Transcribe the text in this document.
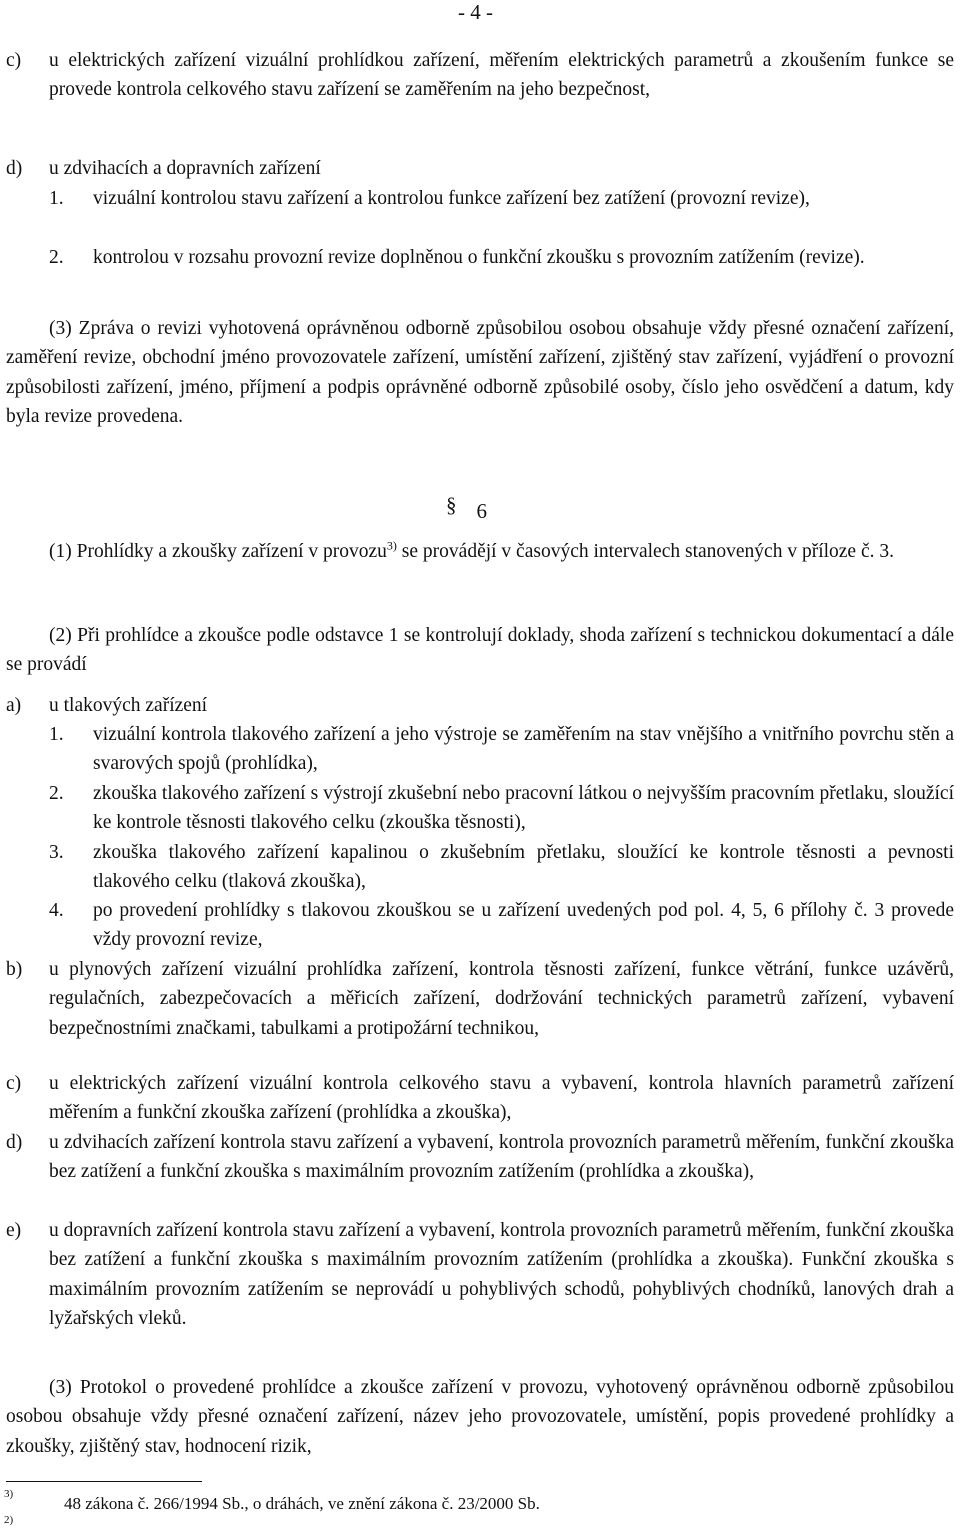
- 4 -
c)	u elektrických zařízení vizuální prohlídkou zařízení, měřením elektrických parametrů a zkoušením funkce se provede kontrola celkového stavu zařízení se zaměřením na jeho bezpečnost,
d)	u zdvihacích a dopravních zařízení
1.	vizuální kontrolou stavu zařízení a kontrolou funkce zařízení bez zatížení (provozní revize),
2.	kontrolou v rozsahu provozní revize doplněnou o funkční zkoušku s provozním zatížením (revize).

(3) Zpráva o revizi vyhotovená oprávněnou odborně způsobilou osobou obsahuje vždy přesné označení zařízení, zaměření revize, obchodní jméno provozovatele zařízení, umístění zařízení, zjištěný stav zařízení, vyjádření o provozní způsobilosti zařízení, jméno, příjmení a podpis oprávněné odborně způsobilé osoby, číslo jeho osvědčení a datum, kdy byla revize provedena.

§ 6

(1) Prohlídky a zkoušky zařízení v provozu$^{3)}$ se provádějí v časových intervalech stanovených v příloze č. 3.

(2) Při prohlídce a zkoušce podle odstavce 1 se kontrolují doklady, shoda zařízení s technickou dokumentací a dále se provádí

a)	u tlakových zařízení
1.	vizuální kontrola tlakového zařízení a jeho výstroje se zaměřením na stav vnějšího a vnitřního povrchu stěn a svarových spojů (prohlídka),
2.	zkouška tlakového zařízení s výstrojí zkušební nebo pracovní látkou o nejvyšším pracovním přetlaku, sloužící ke kontrole těsnosti tlakového celku (zkouška těsnosti),
3.	zkouška tlakového zařízení kapalinou o zkušebním přetlaku, sloužící ke kontrole těsnosti a pevnosti tlakového celku (tlaková zkouška),
4.	po provedení prohlídky s tlakovou zkouškou se u zařízení uvedených pod pol. 4, 5, 6 přílohy č. 3 provede vždy provozní revize,
b)	u plynových zařízení vizuální prohlídka zařízení, kontrola těsnosti zařízení, funkce větrání, funkce uzávěrů, regulačních, zabezpečovacích a měřicích zařízení, dodržování technických parametrů zařízení, vybavení bezpečnostními značkami, tabulkami a protipožární technikou,
c)	u elektrických zařízení vizuální kontrola celkového stavu a vybavení, kontrola hlavních parametrů zařízení měřením a funkční zkouška zařízení (prohlídka a zkouška),
d)	u zdvihacích zařízení kontrola stavu zařízení a vybavení, kontrola provozních parametrů měřením, funkční zkouška bez zatížení a funkční zkouška s maximálním provozním zatížením (prohlídka a zkouška),
e)	u dopravních zařízení kontrola stavu zařízení a vybavení, kontrola provozních parametrů měřením, funkční zkouška bez zatížení a funkční zkouška s maximálním provozním zatížením (prohlídka a zkouška). Funkční zkouška s maximálním provozním zatížením se neprovádí u pohyblivých schodů, pohyblivých chodníků, lanových drah a lyžařských vleků.

(3) Protokol o provedené prohlídce a zkoušce zařízení v provozu, vyhotovený oprávněnou odborně způsobilou osobou obsahuje vždy přesné označení zařízení, název jeho provozovatele, umístění, popis provedené prohlídky a zkoušky, zjištěný stav, hodnocení rizik,

3)	48 zákona č. 266/1994 Sb., o dráhách, ve znění zákona č. 23/2000 Sb.
2)
